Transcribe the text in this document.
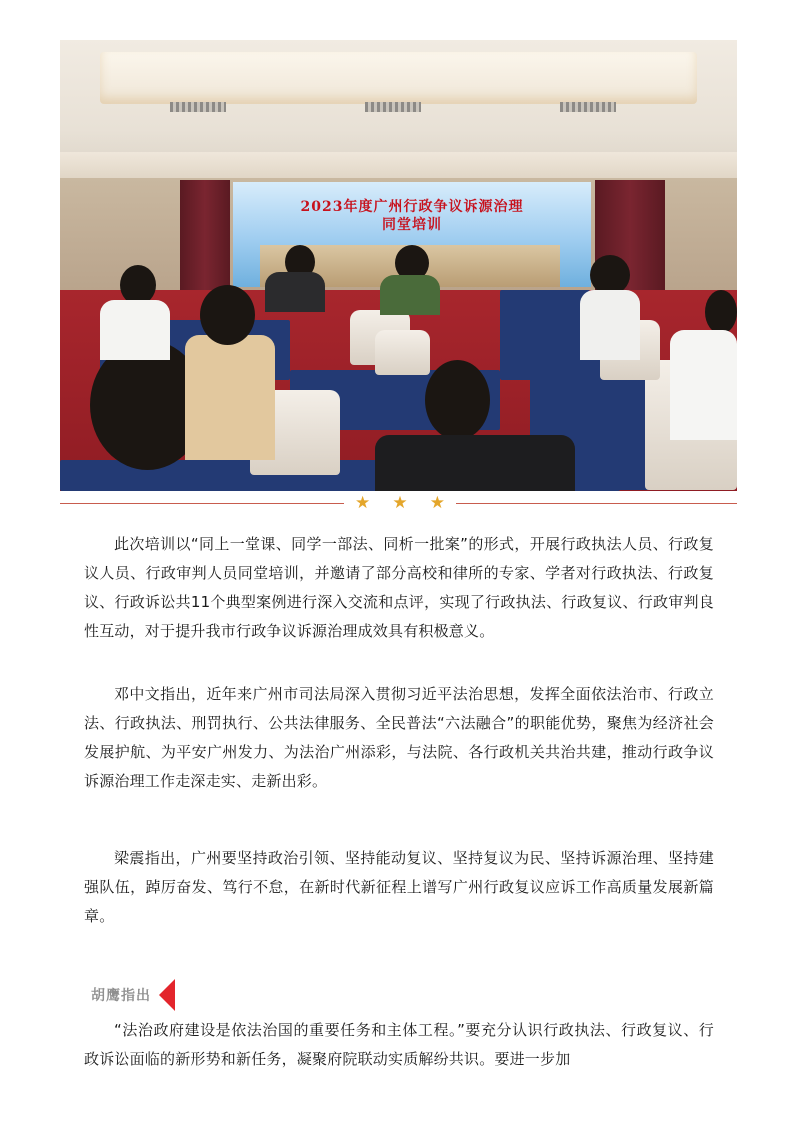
2023年度广州行政争议诉源治理
同堂培训
★ ★ ★

此次培训以“同上一堂课、同学一部法、同析一批案”的形式，开展行政执法人员、行政复议人员、行政审判人员同堂培训，并邀请了部分高校和律所的专家、学者对行政执法、行政复议、行政诉讼共11个典型案例进行深入交流和点评，实现了行政执法、行政复议、行政审判良性互动，对于提升我市行政争议诉源治理成效具有积极意义。

邓中文指出，近年来广州市司法局深入贯彻习近平法治思想，发挥全面依法治市、行政立法、行政执法、刑罚执行、公共法律服务、全民普法“六法融合”的职能优势，聚焦为经济社会发展护航、为平安广州发力、为法治广州添彩，与法院、各行政机关共治共建，推动行政争议诉源治理工作走深走实、走新出彩。

梁震指出，广州要坚持政治引领、坚持能动复议、坚持复议为民、坚持诉源治理、坚持建强队伍，踔厉奋发、笃行不怠，在新时代新征程上谱写广州行政复议应诉工作高质量发展新篇章。

胡鹰指出

“法治政府建设是依法治国的重要任务和主体工程。”要充分认识行政执法、行政复议、行政诉讼面临的新形势和新任务，凝聚府院联动实质解纷共识。要进一步加
